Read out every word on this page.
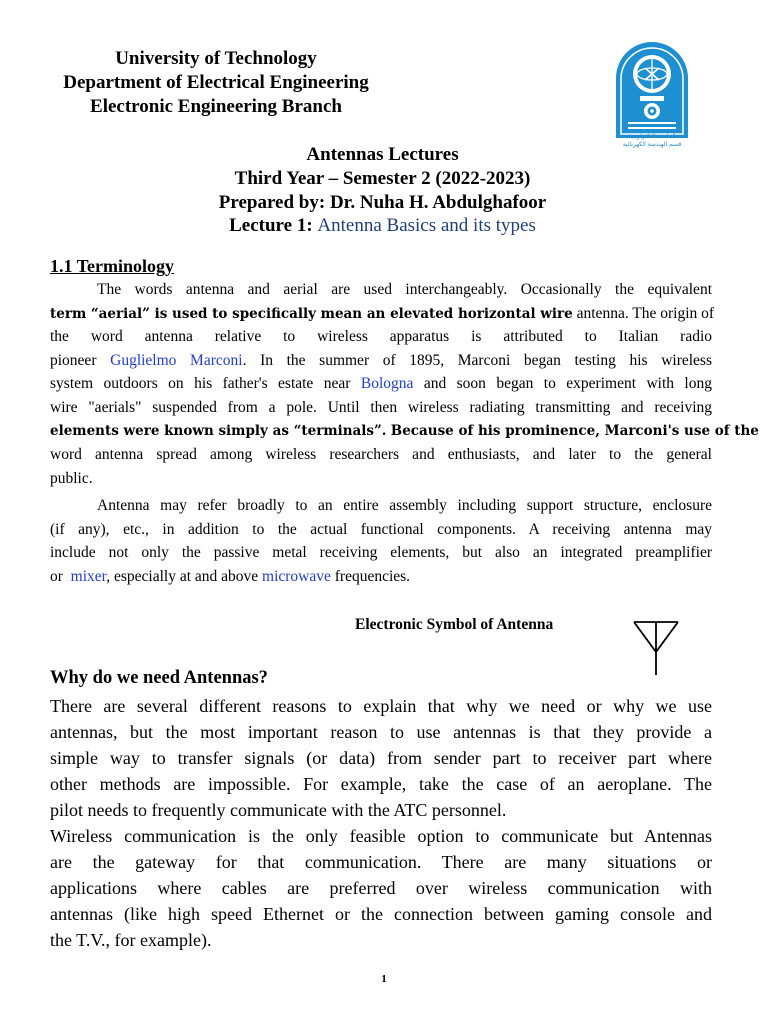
University of Technology
Department of Electrical Engineering
Electronic Engineering Branch
الجامعة التكنولوجية
قسم الهندسة الكهربائية
Antennas Lectures
Third Year – Semester 2 (2022-2023)
Prepared by: Dr. Nuha H. Abdulghafoor
Lecture 1: Antenna Basics and its types
1.1 Terminology
The words antenna and aerial are used interchangeably. Occasionally the equivalent
term “aerial” is used to specifically mean an elevated horizontal wire antenna. The origin of
the word antenna relative to wireless apparatus is attributed to Italian radio
pioneer Guglielmo Marconi. In the summer of 1895, Marconi began testing his wireless
system outdoors on his father's estate near Bologna and soon began to experiment with long
wire "aerials" suspended from a pole. Until then wireless radiating transmitting and receiving
elements were known simply as “terminals”. Because of his prominence, Marconi's use of the
word antenna spread among wireless researchers and enthusiasts, and later to the general
public.
Antenna may refer broadly to an entire assembly including support structure, enclosure
(if any), etc., in addition to the actual functional components. A receiving antenna may
include not only the passive metal receiving elements, but also an integrated preamplifier
or mixer, especially at and above microwave frequencies.
Electronic Symbol of Antenna
Why do we need Antennas?
There are several different reasons to explain that why we need or why we use
antennas, but the most important reason to use antennas is that they provide a
simple way to transfer signals (or data) from sender part to receiver part where
other methods are impossible. For example, take the case of an aeroplane. The
pilot needs to frequently communicate with the ATC personnel.
Wireless communication is the only feasible option to communicate but Antennas
are the gateway for that communication. There are many situations or
applications where cables are preferred over wireless communication with
antennas (like high speed Ethernet or the connection between gaming console and
the T.V., for example).
1
